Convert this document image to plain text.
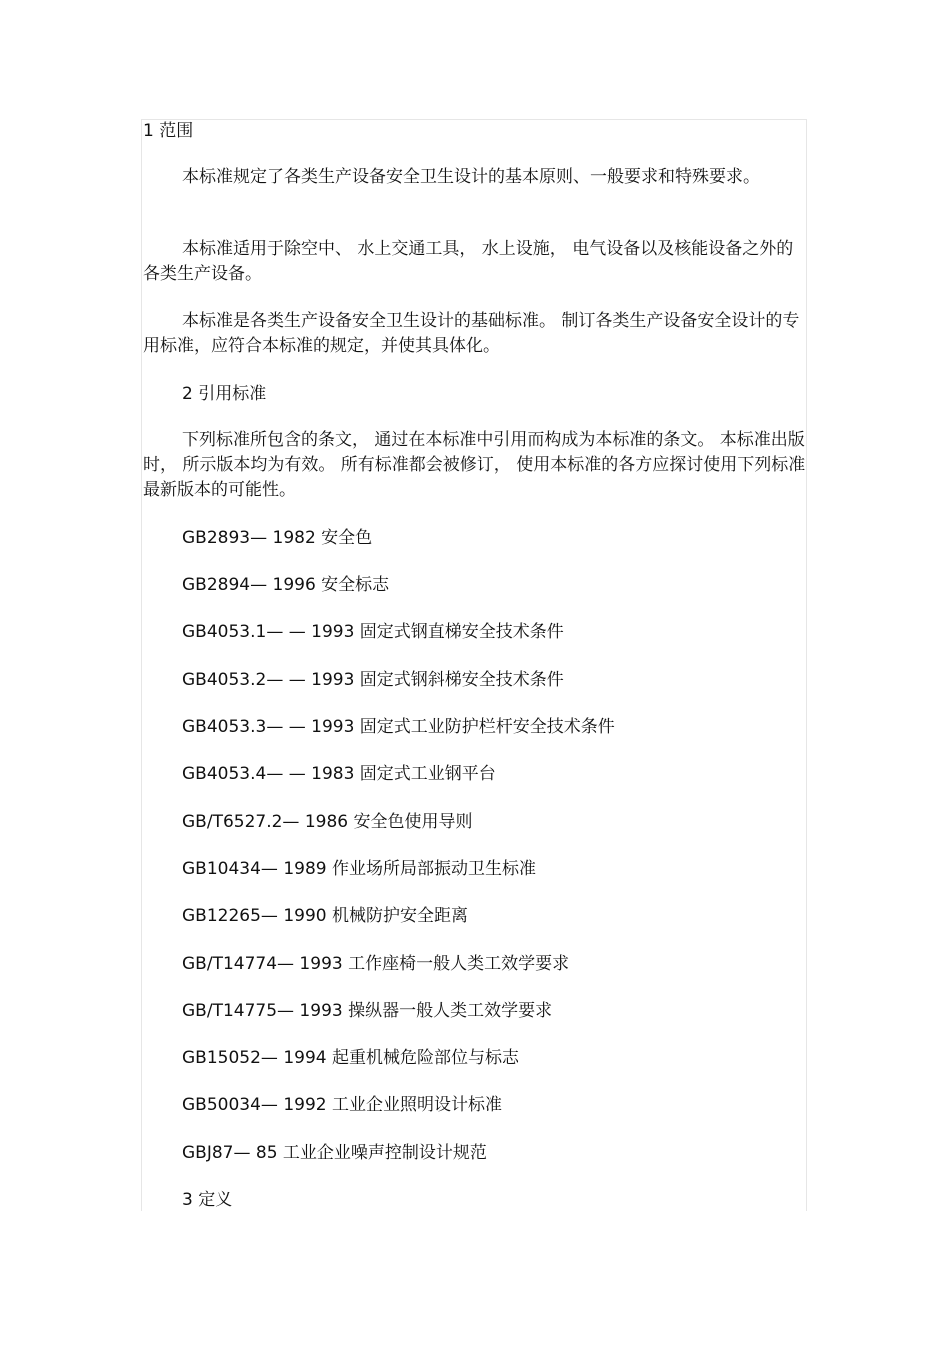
1 范围
本标准规定了各类生产设备安全卫生设计的基本原则、一般要求和特殊要求。
本标准适用于除空中、 水上交通工具， 水上设施， 电气设备以及核能设备之外的各类生产设备。
本标准是各类生产设备安全卫生设计的基础标准。 制订各类生产设备安全设计的专用标准，应符合本标准的规定，并使其具体化。
2 引用标准
下列标准所包含的条文， 通过在本标准中引用而构成为本标准的条文。 本标准出版时， 所示版本均为有效。 所有标准都会被修订， 使用本标准的各方应探讨使用下列标准最新版本的可能性。
GB2893— 1982 安全色
GB2894— 1996 安全标志
GB4053.1— — 1993 固定式钢直梯安全技术条件
GB4053.2— — 1993 固定式钢斜梯安全技术条件
GB4053.3— — 1993 固定式工业防护栏杆安全技术条件
GB4053.4— — 1983 固定式工业钢平台
GB/T6527.2— 1986 安全色使用导则
GB10434— 1989 作业场所局部振动卫生标准
GB12265— 1990 机械防护安全距离
GB/T14774— 1993 工作座椅一般人类工效学要求
GB/T14775— 1993 操纵器一般人类工效学要求
GB15052— 1994 起重机械危险部位与标志
GB50034— 1992 工业企业照明设计标准
GBJ87— 85 工业企业噪声控制设计规范
3 定义
